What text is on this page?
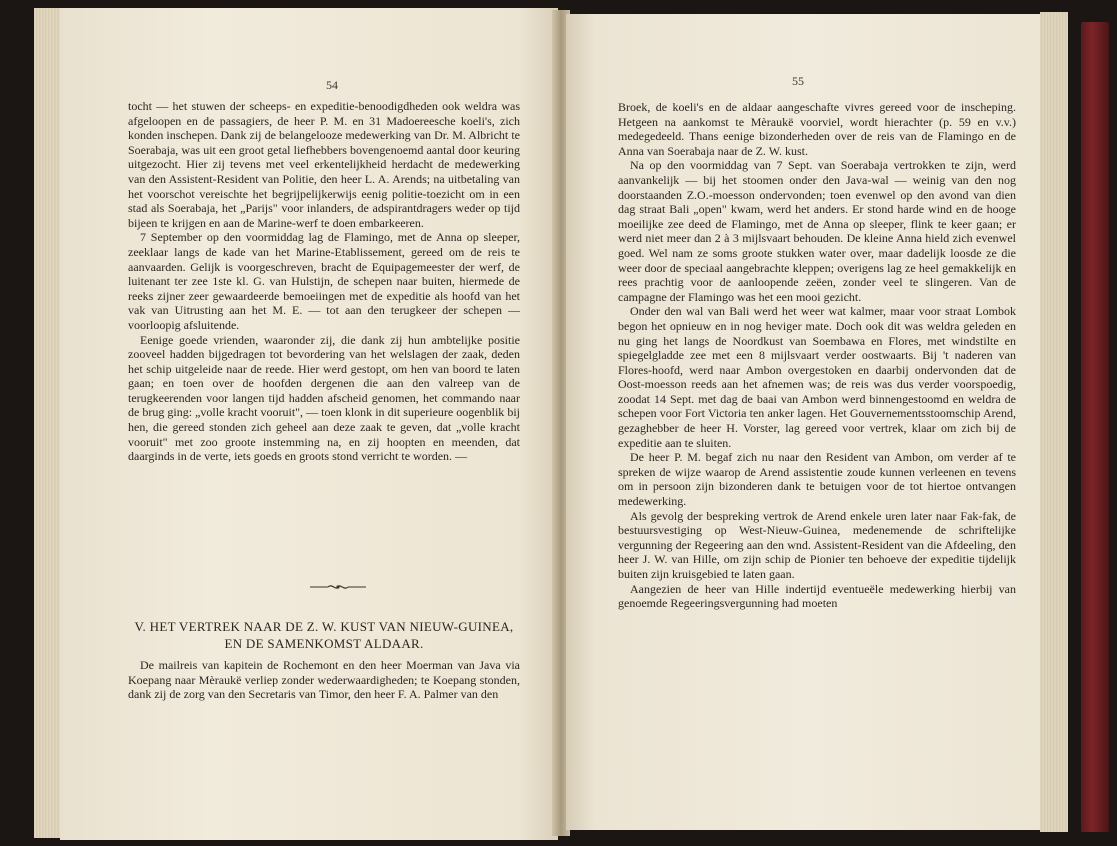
54

tocht — het stuwen der scheeps- en expeditie-benoodigdheden ook weldra was afgeloopen en de passagiers, de heer P. M. en 31 Madoereesche koeli's, zich konden inschepen. Dank zij de belangelooze medewerking van Dr. M. Albricht te Soerabaja, was uit een groot getal liefhebbers bovengenoemd aantal door keuring uitgezocht. Hier zij tevens met veel erkentelijkheid herdacht de medewerking van den Assistent-Resident van Politie, den heer L. A. Arends; na uitbetaling van het voorschot vereischte het begrijpelijkerwijs eenig politie-toezicht om in een stad als Soerabaja, het „Parijs" voor inlanders, de adspirantdragers weder op tijd bijeen te krijgen en aan de Marine-werf te doen embarkeeren.

7 September op den voormiddag lag de Flamingo, met de Anna op sleeper, zeeklaar langs de kade van het Marine-Etablissement, gereed om de reis te aanvaarden. Gelijk is voorgeschreven, bracht de Equipagemeester der werf, de luitenant ter zee 1ste kl. G. van Hulstijn, de schepen naar buiten, hiermede de reeks zijner zeer gewaardeerde bemoeiingen met de expeditie als hoofd van het vak van Uitrusting aan het M. E. — tot aan den terugkeer der schepen — voorloopig afsluitende.

Eenige goede vrienden, waaronder zij, die dank zij hun ambtelijke positie zooveel hadden bijgedragen tot bevordering van het welslagen der zaak, deden het schip uitgeleide naar de reede. Hier werd gestopt, om hen van boord te laten gaan; en toen over de hoofden dergenen die aan den valreep van de terugkeerenden voor langen tijd hadden afscheid genomen, het commando naar de brug ging: „volle kracht vooruit", — toen klonk in dit superieure oogenblik bij hen, die gereed stonden zich geheel aan deze zaak te geven, dat „volle kracht vooruit" met zoo groote instemming na, en zij hoopten en meenden, dat daarginds in de verte, iets goeds en groots stond verricht te worden. —

V. HET VERTREK NAAR DE Z. W. KUST VAN NIEUW-GUINEA, EN DE SAMENKOMST ALDAAR.

De mailreis van kapitein de Rochemont en den heer Moerman van Java via Koepang naar Mèraukë verliep zonder wederwaardigheden; te Koepang stonden, dank zij de zorg van den Secretaris van Timor, den heer F. A. Palmer van den

55

Broek, de koeli's en de aldaar aangeschafte vivres gereed voor de inscheping. Hetgeen na aankomst te Mèraukë voorviel, wordt hierachter (p. 59 en v.v.) medegedeeld. Thans eenige bizonderheden over de reis van de Flamingo en de Anna van Soerabaja naar de Z. W. kust.

Na op den voormiddag van 7 Sept. van Soerabaja vertrokken te zijn, werd aanvankelijk — bij het stoomen onder den Java-wal — weinig van den nog doorstaanden Z.O.-moesson ondervonden; toen evenwel op den avond van dien dag straat Bali „open" kwam, werd het anders. Er stond harde wind en de hooge moeilijke zee deed de Flamingo, met de Anna op sleeper, flink te keer gaan; er werd niet meer dan 2 à 3 mijlsvaart behouden. De kleine Anna hield zich evenwel goed. Wel nam ze soms groote stukken water over, maar dadelijk loosde ze die weer door de speciaal aangebrachte kleppen; overigens lag ze heel gemakkelijk en rees prachtig voor de aanloopende zeëen, zonder veel te slingeren. Van de campagne der Flamingo was het een mooi gezicht.

Onder den wal van Bali werd het weer wat kalmer, maar voor straat Lombok begon het opnieuw en in nog heviger mate. Doch ook dit was weldra geleden en nu ging het langs de Noordkust van Soembawa en Flores, met windstilte en spiegelgladde zee met een 8 mijlsvaart verder oostwaarts. Bij 't naderen van Flores-hoofd, werd naar Ambon overgestoken en daarbij ondervonden dat de Oost-moesson reeds aan het afnemen was; de reis was dus verder voorspoedig, zoodat 14 Sept. met dag de baai van Ambon werd binnengestoomd en weldra de schepen voor Fort Victoria ten anker lagen. Het Gouvernementsstoomschip Arend, gezaghebber de heer H. Vorster, lag gereed voor vertrek, klaar om zich bij de expeditie aan te sluiten.

De heer P. M. begaf zich nu naar den Resident van Ambon, om verder af te spreken de wijze waarop de Arend assistentie zoude kunnen verleenen en tevens om in persoon zijn bizonderen dank te betuigen voor de tot hiertoe ontvangen medewerking.

Als gevolg der bespreking vertrok de Arend enkele uren later naar Fak-fak, de bestuursvestiging op West-Nieuw-Guinea, medenemende de schriftelijke vergunning der Regeering aan den wnd. Assistent-Resident van die Afdeeling, den heer J. W. van Hille, om zijn schip de Pionier ten behoeve der expeditie tijdelijk buiten zijn kruisgebied te laten gaan.

Aangezien de heer van Hille indertijd eventueële medewerking hierbij van genoemde Regeeringsvergunning had moeten
